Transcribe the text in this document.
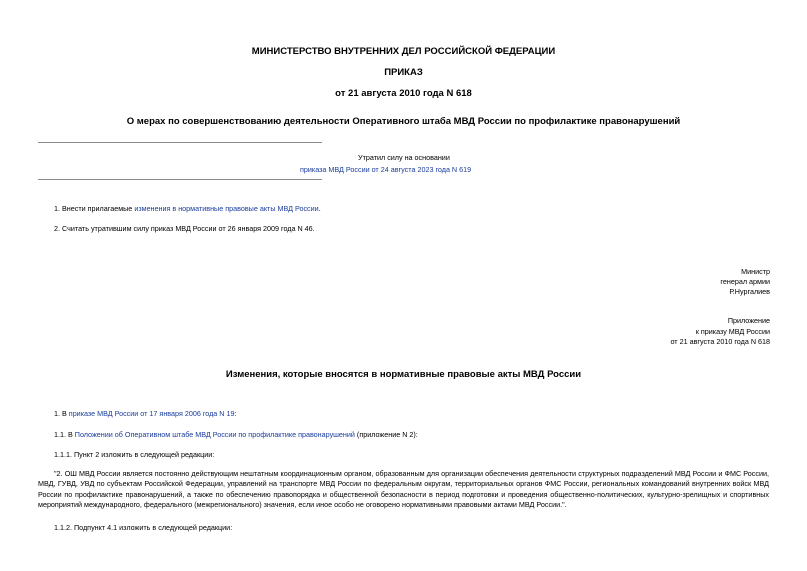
МИНИСТЕРСТВО ВНУТРЕННИХ ДЕЛ РОССИЙСКОЙ ФЕДЕРАЦИИ
ПРИКАЗ
от 21 августа 2010 года N 618
О мерах по совершенствованию деятельности Оперативного штаба МВД России по профилактике правонарушений
Утратил силу на основании
приказа МВД России от 24 августа 2023 года N 619
1. Внести прилагаемые изменения в нормативные правовые акты МВД России.
2. Считать утратившим силу приказ МВД России от 26 января 2009 года N 46.
Министр
генерал армии
Р.Нургалиев
Приложение
к приказу МВД России
от 21 августа 2010 года N 618
Изменения, которые вносятся в нормативные правовые акты МВД России
1. В приказе МВД России от 17 января 2006 года N 19:
1.1. В Положении об Оперативном штабе МВД России по профилактике правонарушений (приложение N 2):
1.1.1. Пункт 2 изложить в следующей редакции:
"2. ОШ МВД России является постоянно действующим нештатным координационным органом, образованным для организации обеспечения деятельности структурных подразделений МВД России и ФМС России, МВД, ГУВД, УВД по субъектам Российской Федерации, управлений на транспорте МВД России по федеральным округам, территориальных органов ФМС России, региональных командований внутренних войск МВД России по профилактике правонарушений, а также по обеспечению правопорядка и общественной безопасности в период подготовки и проведения общественно-политических, культурно-зрелищных и спортивных мероприятий международного, федерального (межрегионального) значения, если иное особо не оговорено нормативными правовыми актами МВД России.".
1.1.2. Подпункт 4.1 изложить в следующей редакции:
